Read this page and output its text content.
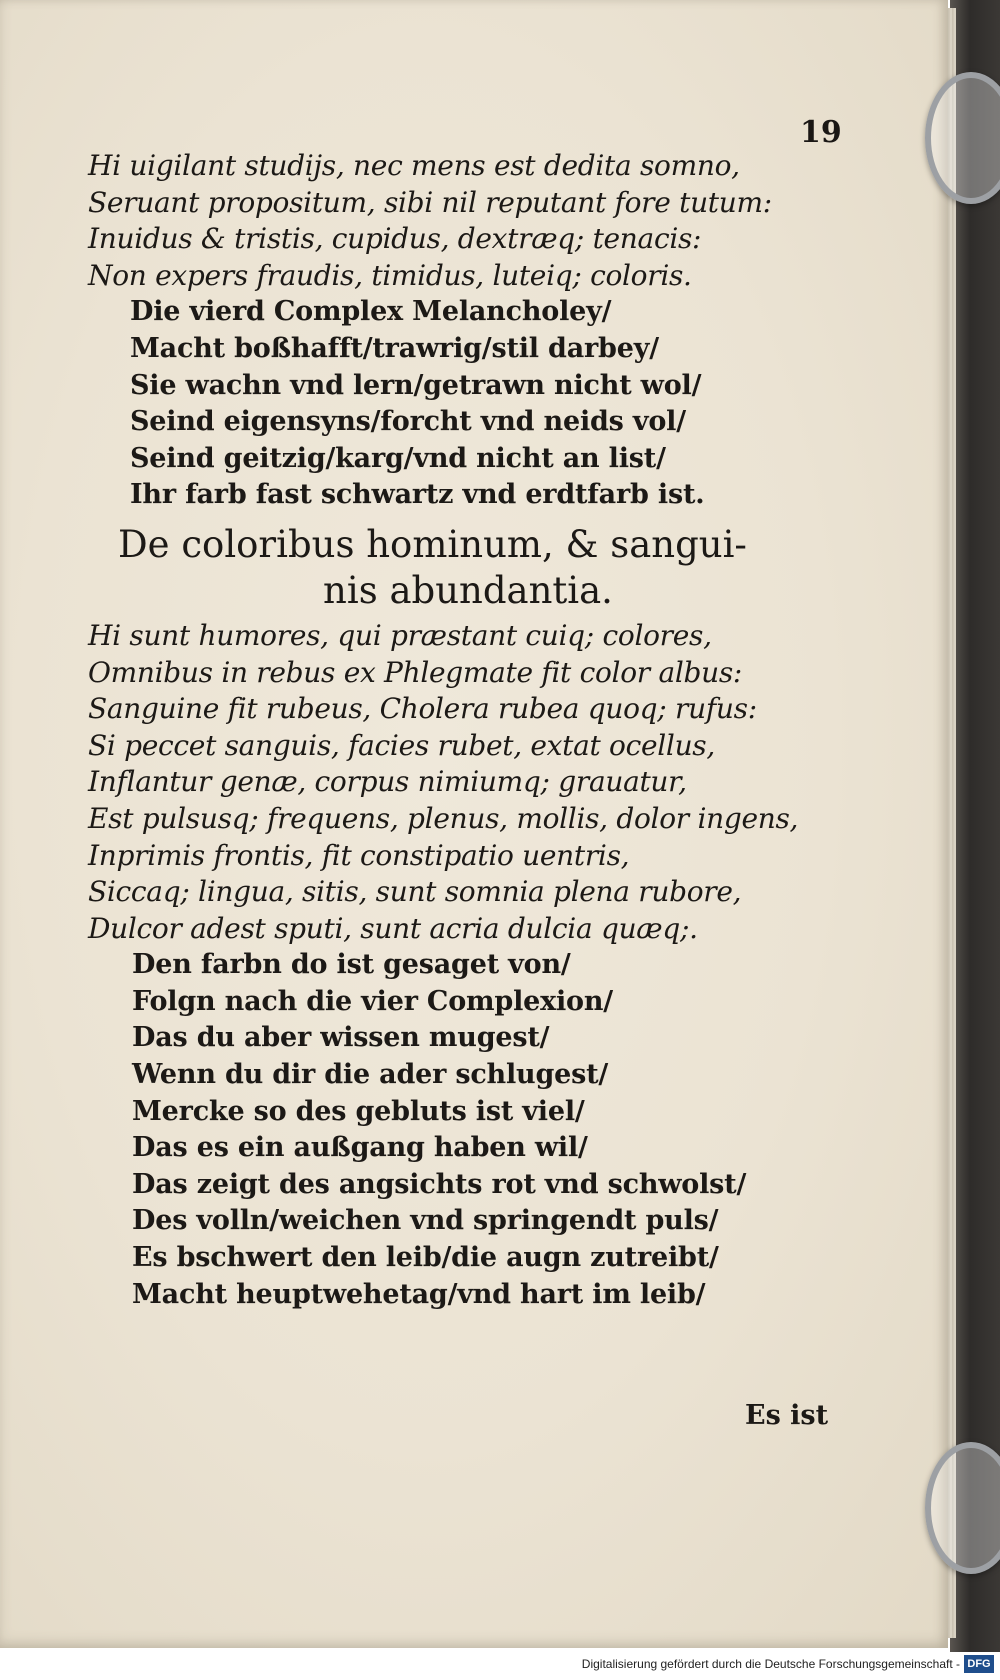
19
Hi uigilant studijs, nec mens est dedita somno,
Seruant propositum, sibi nil reputant fore tutum:
Inuidus & tristis, cupidus, dextræq; tenacis:
Non expers fraudis, timidus, luteiq; coloris.
Die vierd Complex Melancholey/
Macht boßhafft/trawrig/stil darbey/
Sie wachn vnd lern/getrawn nicht wol/
Seind eigensyns/forcht vnd neids vol/
Seind geitzig/karg/vnd nicht an list/
Ihr farb fast schwartz vnd erdtfarb ist.
De coloribus hominum, & sangui-
nis abundantia.
Hi sunt humores, qui præstant cuiq; colores,
Omnibus in rebus ex Phlegmate fit color albus:
Sanguine fit rubeus, Cholera rubea quoq; rufus:
Si peccet sanguis, facies rubet, extat ocellus,
Inflantur genæ, corpus nimiumq; grauatur,
Est pulsusq; frequens, plenus, mollis, dolor ingens,
Inprimis frontis, fit constipatio uentris,
Siccaq; lingua, sitis, sunt somnia plena rubore,
Dulcor adest sputi, sunt acria dulcia quæq;.
Den farbn do ist gesaget von/
Folgn nach die vier Complexion/
Das du aber wissen mugest/
Wenn du dir die ader schlugest/
Mercke so des gebluts ist viel/
Das es ein außgang haben wil/
Das zeigt des angsichts rot vnd schwolst/
Des volln/weichen vnd springendt puls/
Es bschwert den leib/die augn zutreibt/
Macht heuptwehetag/vnd hart im leib/
Es ist
Digitalisierung gefördert durch die Deutsche Forschungsgemeinschaft - DFG
